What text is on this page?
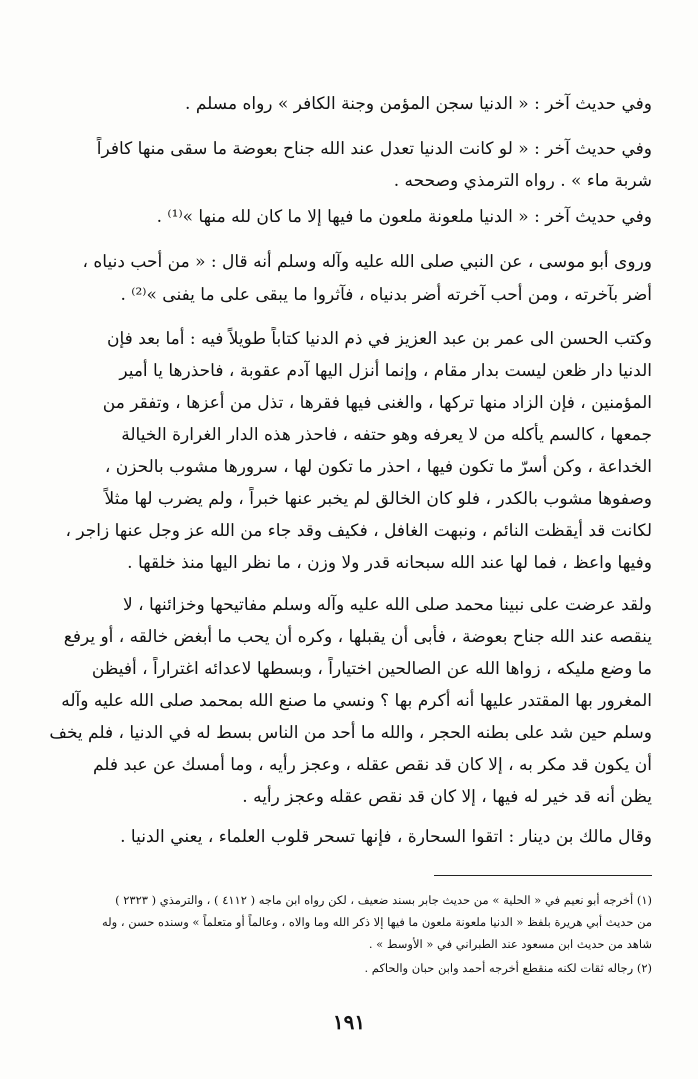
وفي حديث آخر : « الدنيا سجن المؤمن وجنة الكافر » رواه مسلم .
وفي حديث آخر : « لو كانت الدنيا تعدل عند الله جناح بعوضة ما سقى منها كافراً
شربة ماء » . رواه الترمذي وصححه .
وفي حديث آخر : « الدنيا ملعونة ملعون ما فيها إلا ما كان لله منها »⁽¹⁾ .
وروى أبو موسى ، عن النبي صلى الله عليه وآله وسلم أنه قال : « من أحب دنياه ،
أضر بآخرته ، ومن أحب آخرته أضر بدنياه ، فآثروا ما يبقى على ما يفنى »⁽²⁾ .
وكتب الحسن الى عمر بن عبد العزيز في ذم الدنيا كتاباً طويلاً فيه : أما بعد فإن
الدنيا دار ظعن ليست بدار مقام ، وإنما أنزل اليها آدم عقوبة ، فاحذرها يا أمير
المؤمنين ، فإن الزاد منها تركها ، والغنى فيها فقرها ، تذل من أعزها ، وتفقر من
جمعها ، كالسم يأكله من لا يعرفه وهو حتفه ، فاحذر هذه الدار الغرارة الخيالة
الخداعة ، وكن أسرّ ما تكون فيها ، احذر ما تكون لها ، سرورها مشوب بالحزن ،
وصفوها مشوب بالكدر ، فلو كان الخالق لم يخبر عنها خبراً ، ولم يضرب لها مثلاً
لكانت قد أيقظت النائم ، ونبهت الغافل ، فكيف وقد جاء من الله عز وجل عنها زاجر ،
وفيها واعظ ، فما لها عند الله سبحانه قدر ولا وزن ، ما نظر اليها منذ خلقها .
ولقد عرضت على نبينا محمد صلى الله عليه وآله وسلم مفاتيحها وخزائنها ، لا
ينقصه عند الله جناح بعوضة ، فأبى أن يقبلها ، وكره أن يحب ما أبغض خالقه ، أو يرفع
ما وضع مليكه ، زواها الله عن الصالحين اختياراً ، وبسطها لاعدائه اغتراراً ، أفيظن
المغرور بها المقتدر عليها أنه أكرم بها ؟ ونسي ما صنع الله بمحمد صلى الله عليه وآله
وسلم حين شد على بطنه الحجر ، والله ما أحد من الناس بسط له في الدنيا ، فلم يخف
أن يكون قد مكر به ، إلا كان قد نقص عقله ، وعجز رأيه ، وما أمسك عن عبد فلم
يظن أنه قد خير له فيها ، إلا كان قد نقص عقله وعجز رأيه .
وقال مالك بن دينار : اتقوا السحارة ، فإنها تسحر قلوب العلماء ، يعني الدنيا .
(١) أخرجه أبو نعيم في « الحلية » من حديث جابر بسند ضعيف ، لكن رواه ابن ماجه ( ٤١١٢ ) ، والترمذي ( ٢٣٢٣ )
من حديث أبي هريرة بلفظ « الدنيا ملعونة ملعون ما فيها إلا ذكر الله وما والاه ، وعالماً أو متعلماً » وسنده حسن ، وله
شاهد من حديث ابن مسعود عند الطبراني في « الأوسط » .
(٢) رجاله ثقات لكنه منقطع أخرجه أحمد وابن حبان والحاكم .
١٩١
